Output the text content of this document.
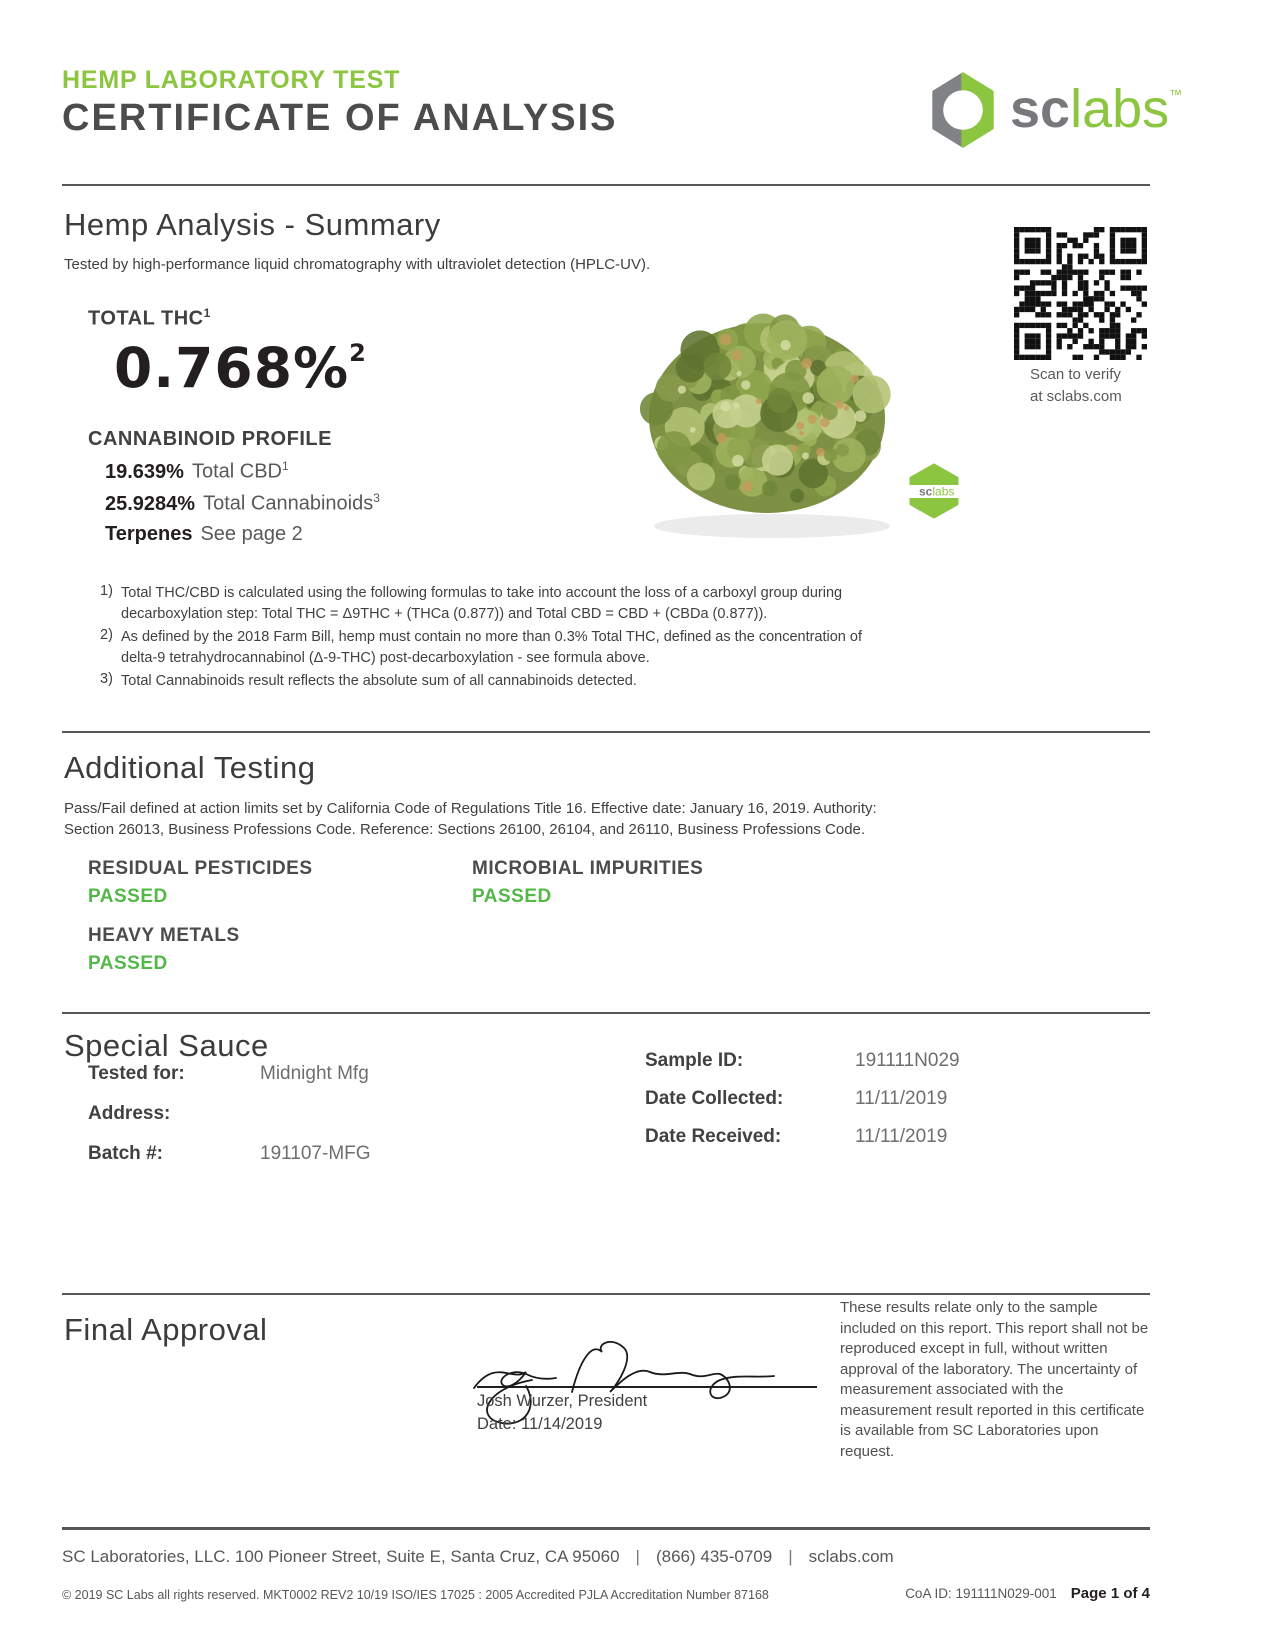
HEMP LABORATORY TEST
CERTIFICATE OF ANALYSIS	sclabs™
Hemp Analysis - Summary
Tested by high-performance liquid chromatography with ultraviolet detection (HPLC-UV).
Scan to verify
at sclabs.com
TOTAL THC$^1$
0.768%$^2$
CANNABINOID PROFILE
19.639% Total CBD$^1$
25.9284% Total Cannabinoids$^3$
Terpenes See page 2
sclabs
1) Total THC/CBD is calculated using the following formulas to take into account the loss of a carboxyl group during decarboxylation step: Total THC = Δ9THC + (THCa (0.877)) and Total CBD = CBD + (CBDa (0.877)).
2) As defined by the 2018 Farm Bill, hemp must contain no more than 0.3% Total THC, defined as the concentration of delta-9 tetrahydrocannabinol (Δ-9-THC) post-decarboxylation - see formula above.
3) Total Cannabinoids result reflects the absolute sum of all cannabinoids detected.
Additional Testing
Pass/Fail defined at action limits set by California Code of Regulations Title 16. Effective date: January 16, 2019. Authority:
Section 26013, Business Professions Code. Reference: Sections 26100, 26104, and 26110, Business Professions Code.
RESIDUAL PESTICIDES
PASSED
MICROBIAL IMPURITIES
PASSED
HEAVY METALS
PASSED
Special Sauce
Tested for:	Midnight Mfg
Address:
Batch #:	191107-MFG
Sample ID:	191111N029
Date Collected:	11/11/2019
Date Received:	11/11/2019
Final Approval
These results relate only to the sample included on this report. This report shall not be reproduced except in full, without written approval of the laboratory. The uncertainty of measurement associated with the measurement result reported in this certificate is available from SC Laboratories upon request.
Josh Wurzer, President
Date: 11/14/2019
SC Laboratories, LLC. 100 Pioneer Street, Suite E, Santa Cruz, CA 95060 | (866) 435-0709 | sclabs.com
© 2019 SC Labs all rights reserved. MKT0002 REV2 10/19 ISO/IES 17025 : 2005 Accredited PJLA Accreditation Number 87168	CoA ID: 191111N029-001 Page 1 of 4
